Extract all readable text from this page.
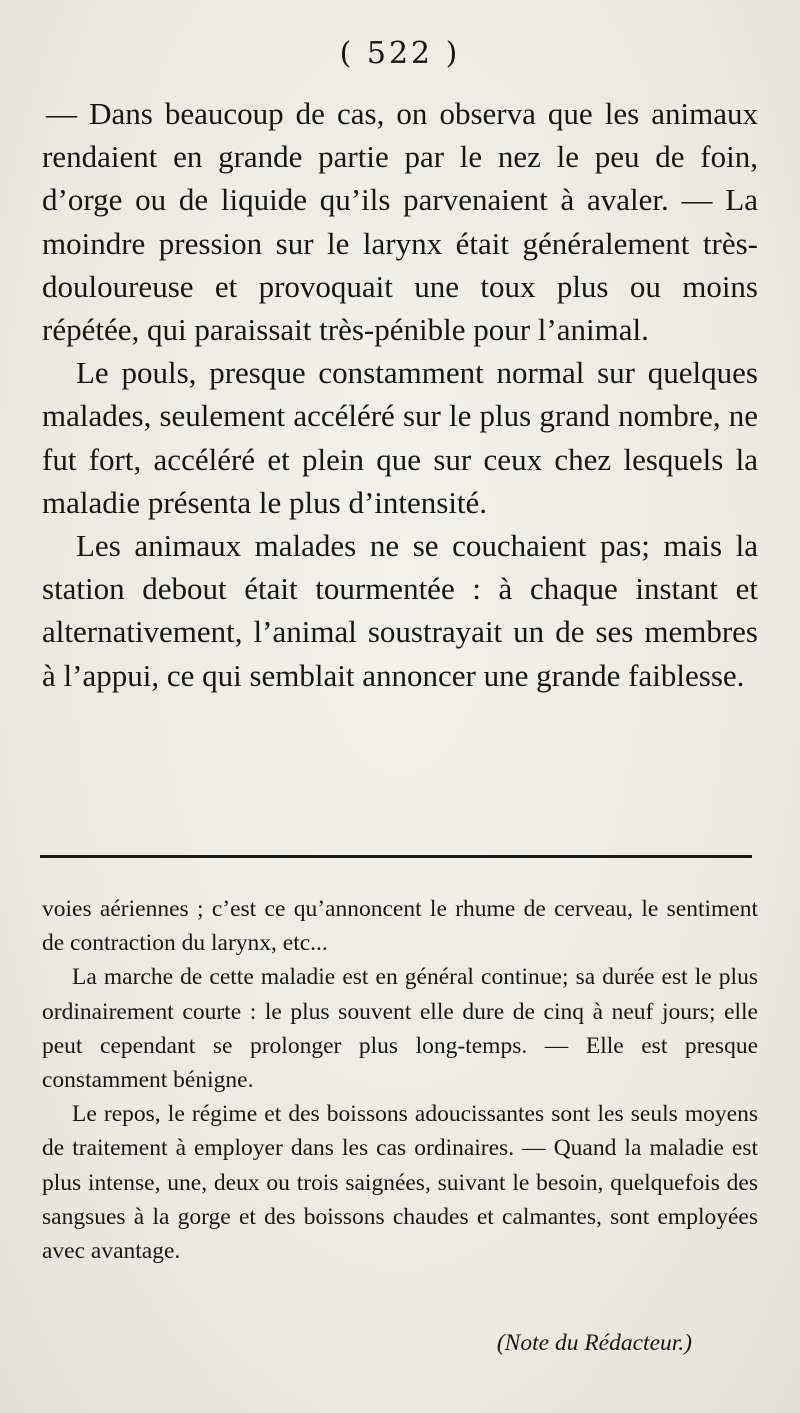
( 522 )

— Dans beaucoup de cas, on observa que les animaux rendaient en grande partie par le nez le peu de foin, d’orge ou de liquide qu’ils parvenaient à avaler. — La moindre pression sur le larynx était généralement très-douloureuse et provoquait une toux plus ou moins répétée, qui paraissait très-pénible pour l’animal.

Le pouls, presque constamment normal sur quelques malades, seulement accéléré sur le plus grand nombre, ne fut fort, accéléré et plein que sur ceux chez lesquels la maladie présenta le plus d’intensité.

Les animaux malades ne se couchaient pas; mais la station debout était tourmentée : à chaque instant et alternativement, l’animal soustrayait un de ses membres à l’appui, ce qui semblait annoncer une grande faiblesse.

voies aériennes ; c’est ce qu’annoncent le rhume de cerveau, le sentiment de contraction du larynx, etc...

La marche de cette maladie est en général continue; sa durée est le plus ordinairement courte : le plus souvent elle dure de cinq à neuf jours; elle peut cependant se prolonger plus long-temps. — Elle est presque constamment bénigne.

Le repos, le régime et des boissons adoucissantes sont les seuls moyens de traitement à employer dans les cas ordinaires. — Quand la maladie est plus intense, une, deux ou trois saignées, suivant le besoin, quelquefois des sangsues à la gorge et des boissons chaudes et calmantes, sont employées avec avantage.

(Note du Rédacteur.)
